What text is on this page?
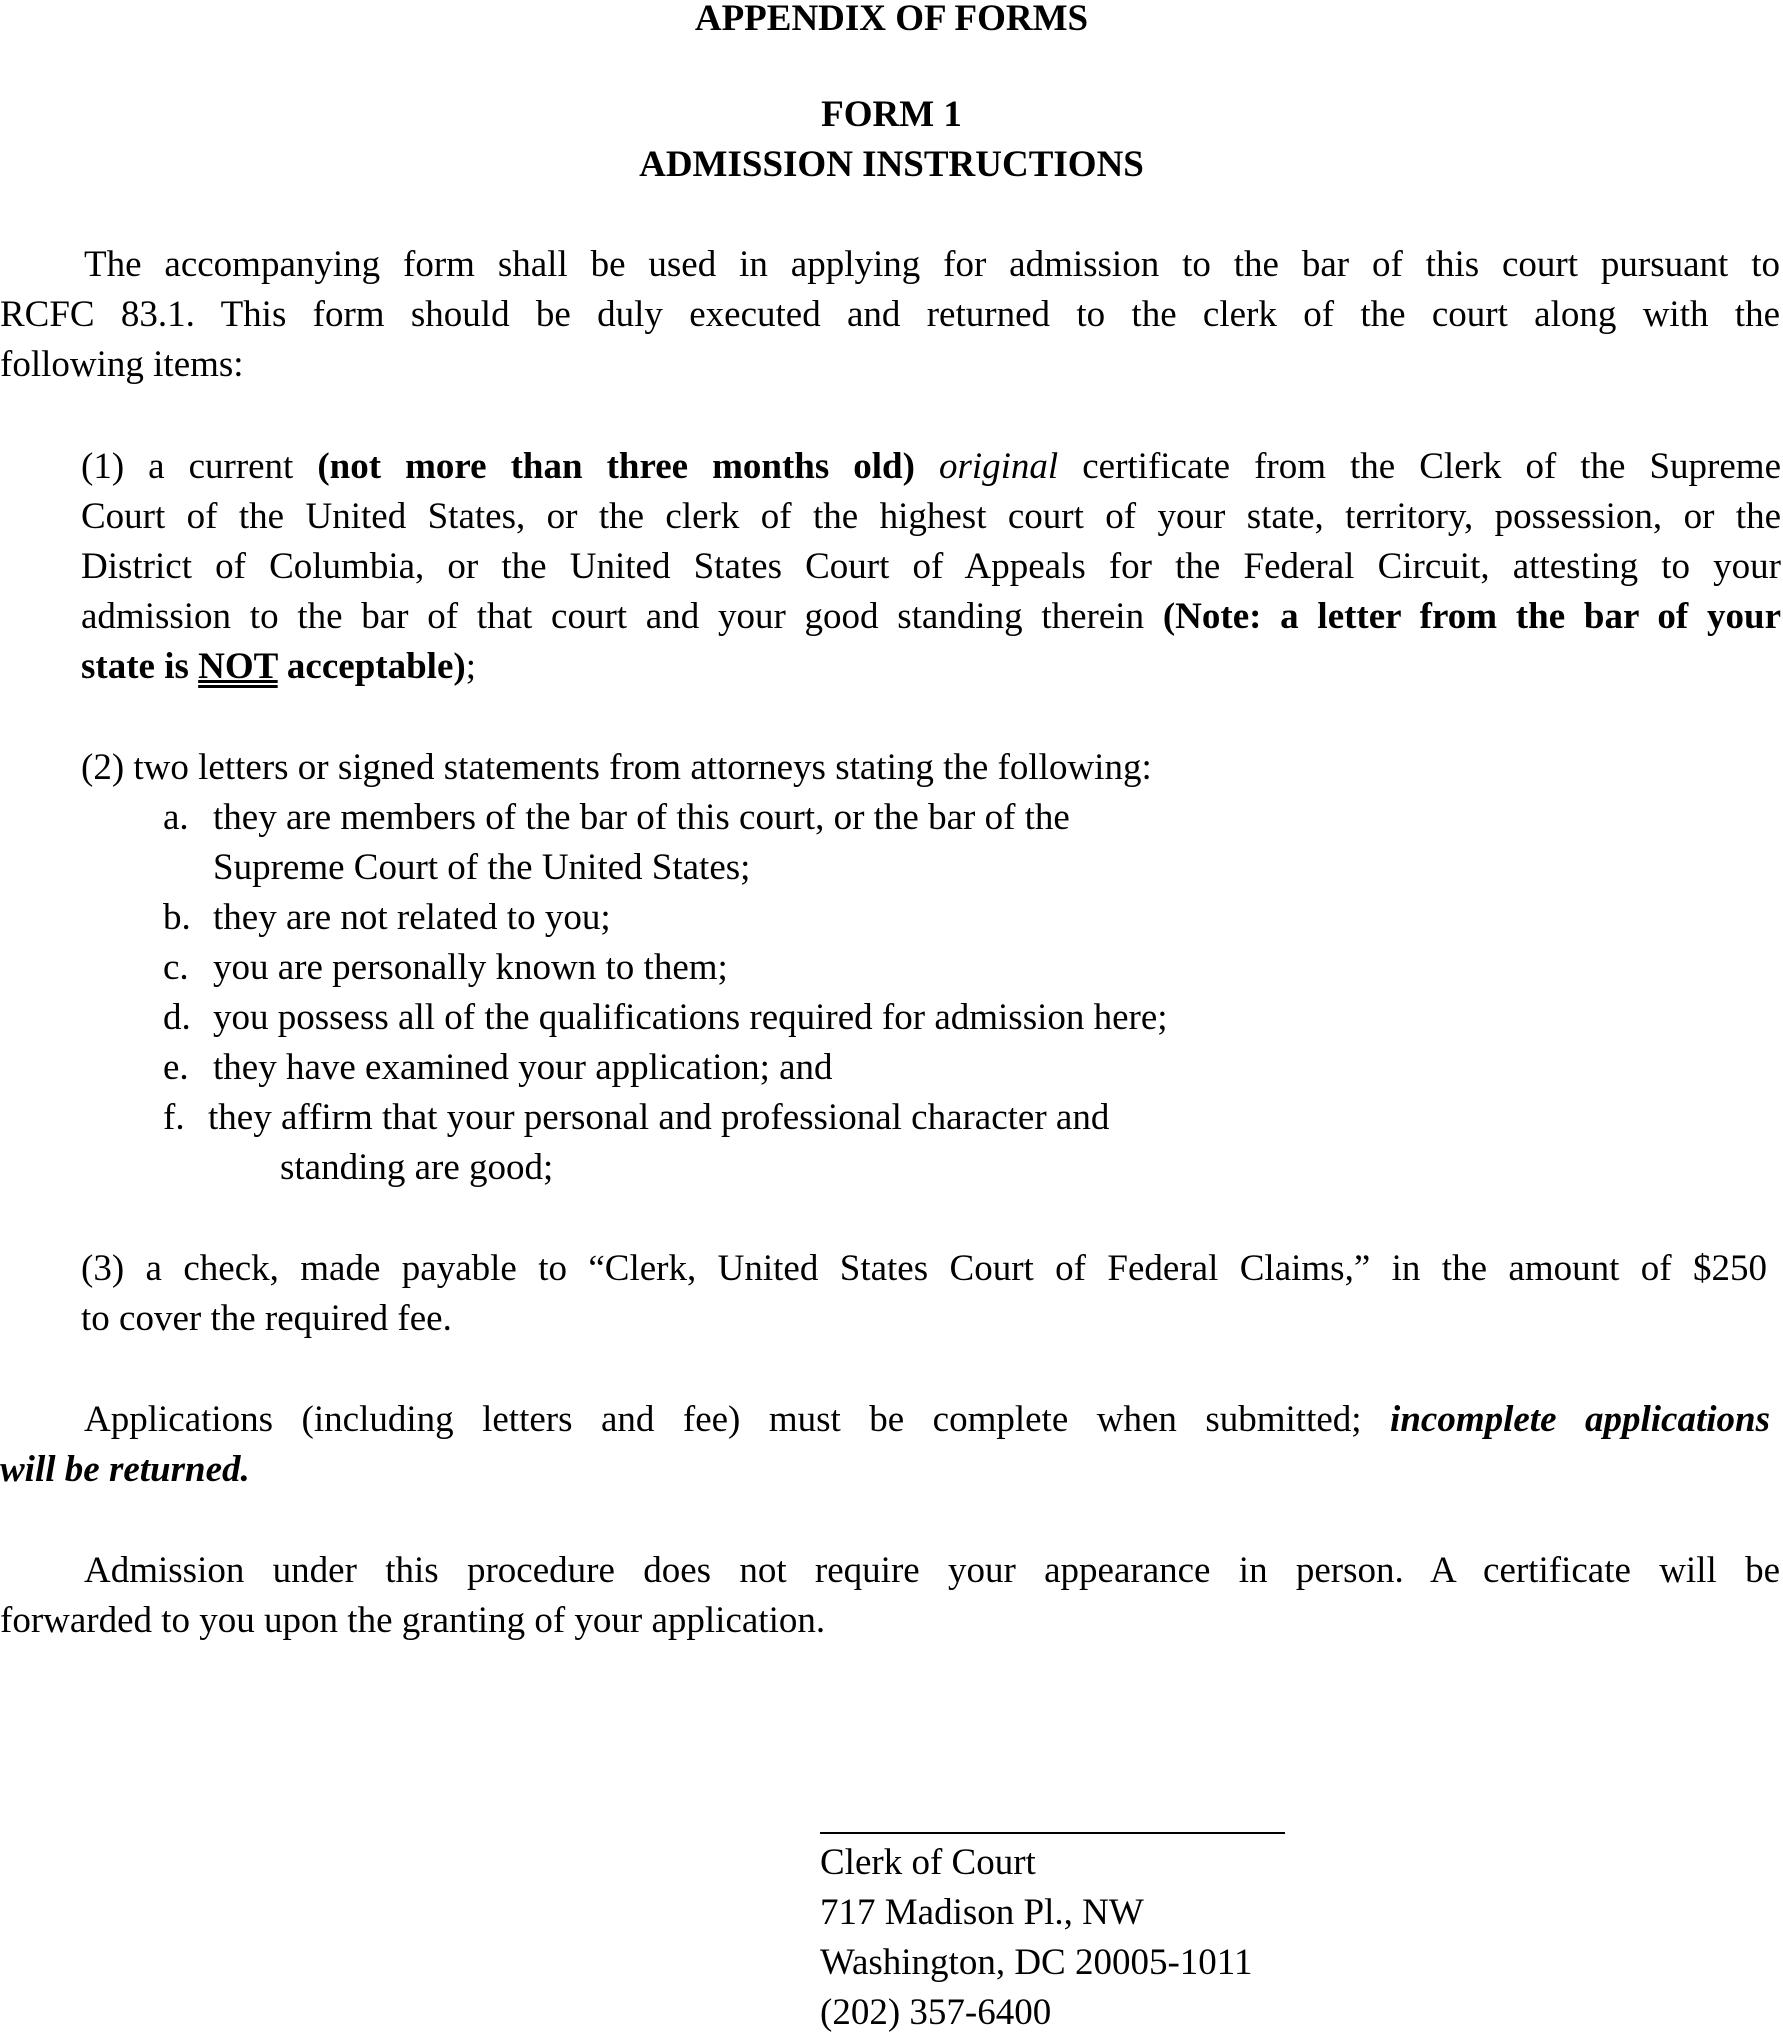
APPENDIX OF FORMS
FORM 1
ADMISSION INSTRUCTIONS
The accompanying form shall be used in applying for admission to the bar of this court pursuant to
RCFC 83.1. This form should be duly executed and returned to the clerk of the court along with the
following items:
(1) a current (not more than three months old) original certificate from the Clerk of the Supreme
Court of the United States, or the clerk of the highest court of your state, territory, possession, or the
District of Columbia, or the United States Court of Appeals for the Federal Circuit, attesting to your
admission to the bar of that court and your good standing therein (Note: a letter from the bar of your
state is NOT acceptable);
(2) two letters or signed statements from attorneys stating the following:
a. they are members of the bar of this court, or the bar of the
Supreme Court of the United States;
b. they are not related to you;
c. you are personally known to them;
d. you possess all of the qualifications required for admission here;
e. they have examined your application; and
f. they affirm that your personal and professional character and
standing are good;
(3) a check, made payable to “Clerk, United States Court of Federal Claims,” in the amount of $250
to cover the required fee.
Applications (including letters and fee) must be complete when submitted; incomplete applications
will be returned.
Admission under this procedure does not require your appearance in person. A certificate will be
forwarded to you upon the granting of your application.
Clerk of Court
717 Madison Pl., NW
Washington, DC 20005-1011
(202) 357-6400
